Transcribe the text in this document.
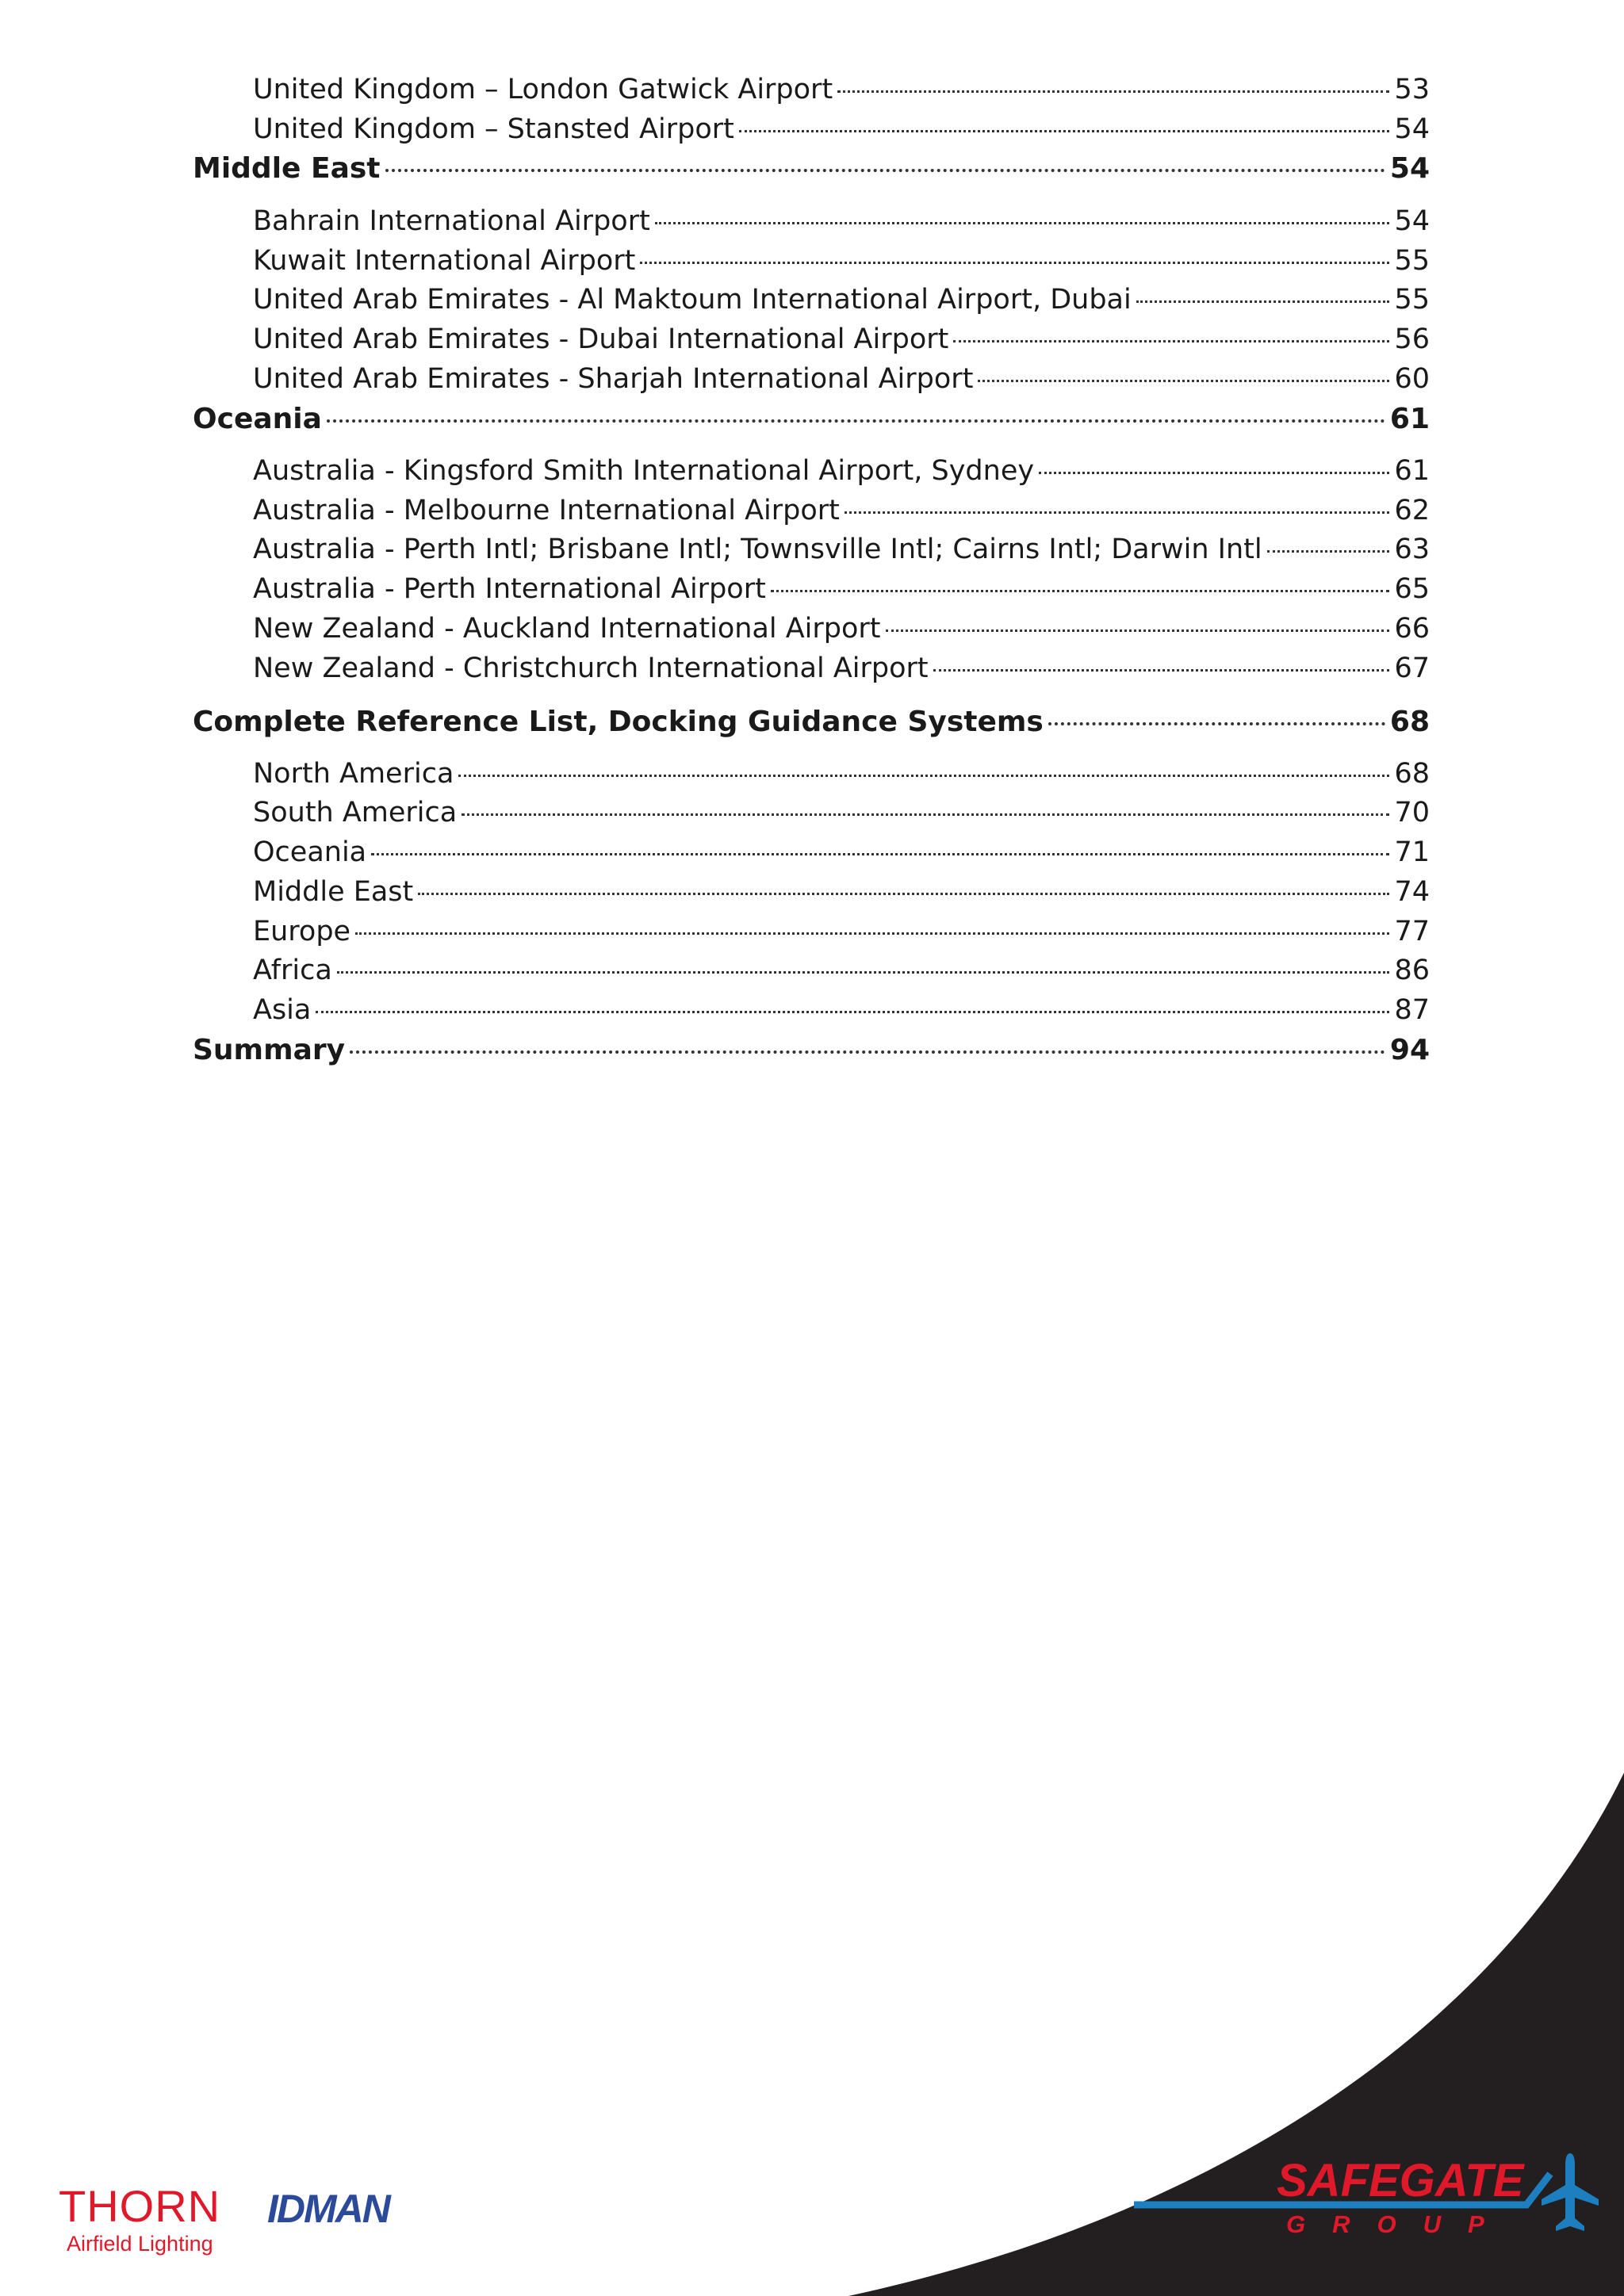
United Kingdom – London Gatwick Airport	53
United Kingdom – Stansted Airport	54
Middle East	54
Bahrain International Airport	54
Kuwait International Airport	55
United Arab Emirates - Al Maktoum International Airport, Dubai	55
United Arab Emirates - Dubai International Airport	56
United Arab Emirates - Sharjah International Airport	60
Oceania	61
Australia - Kingsford Smith International Airport, Sydney	61
Australia - Melbourne International Airport	62
Australia - Perth Intl; Brisbane Intl; Townsville Intl; Cairns Intl; Darwin Intl	63
Australia - Perth International Airport	65
New Zealand - Auckland International Airport	66
New Zealand - Christchurch International Airport	67
Complete Reference List, Docking Guidance Systems	68
North America	68
South America	70
Oceania	71
Middle East	74
Europe	77
Africa	86
Asia	87
Summary	94
THORN
Airfield Lighting
IDMAN
SAFEGATE
GROUP
